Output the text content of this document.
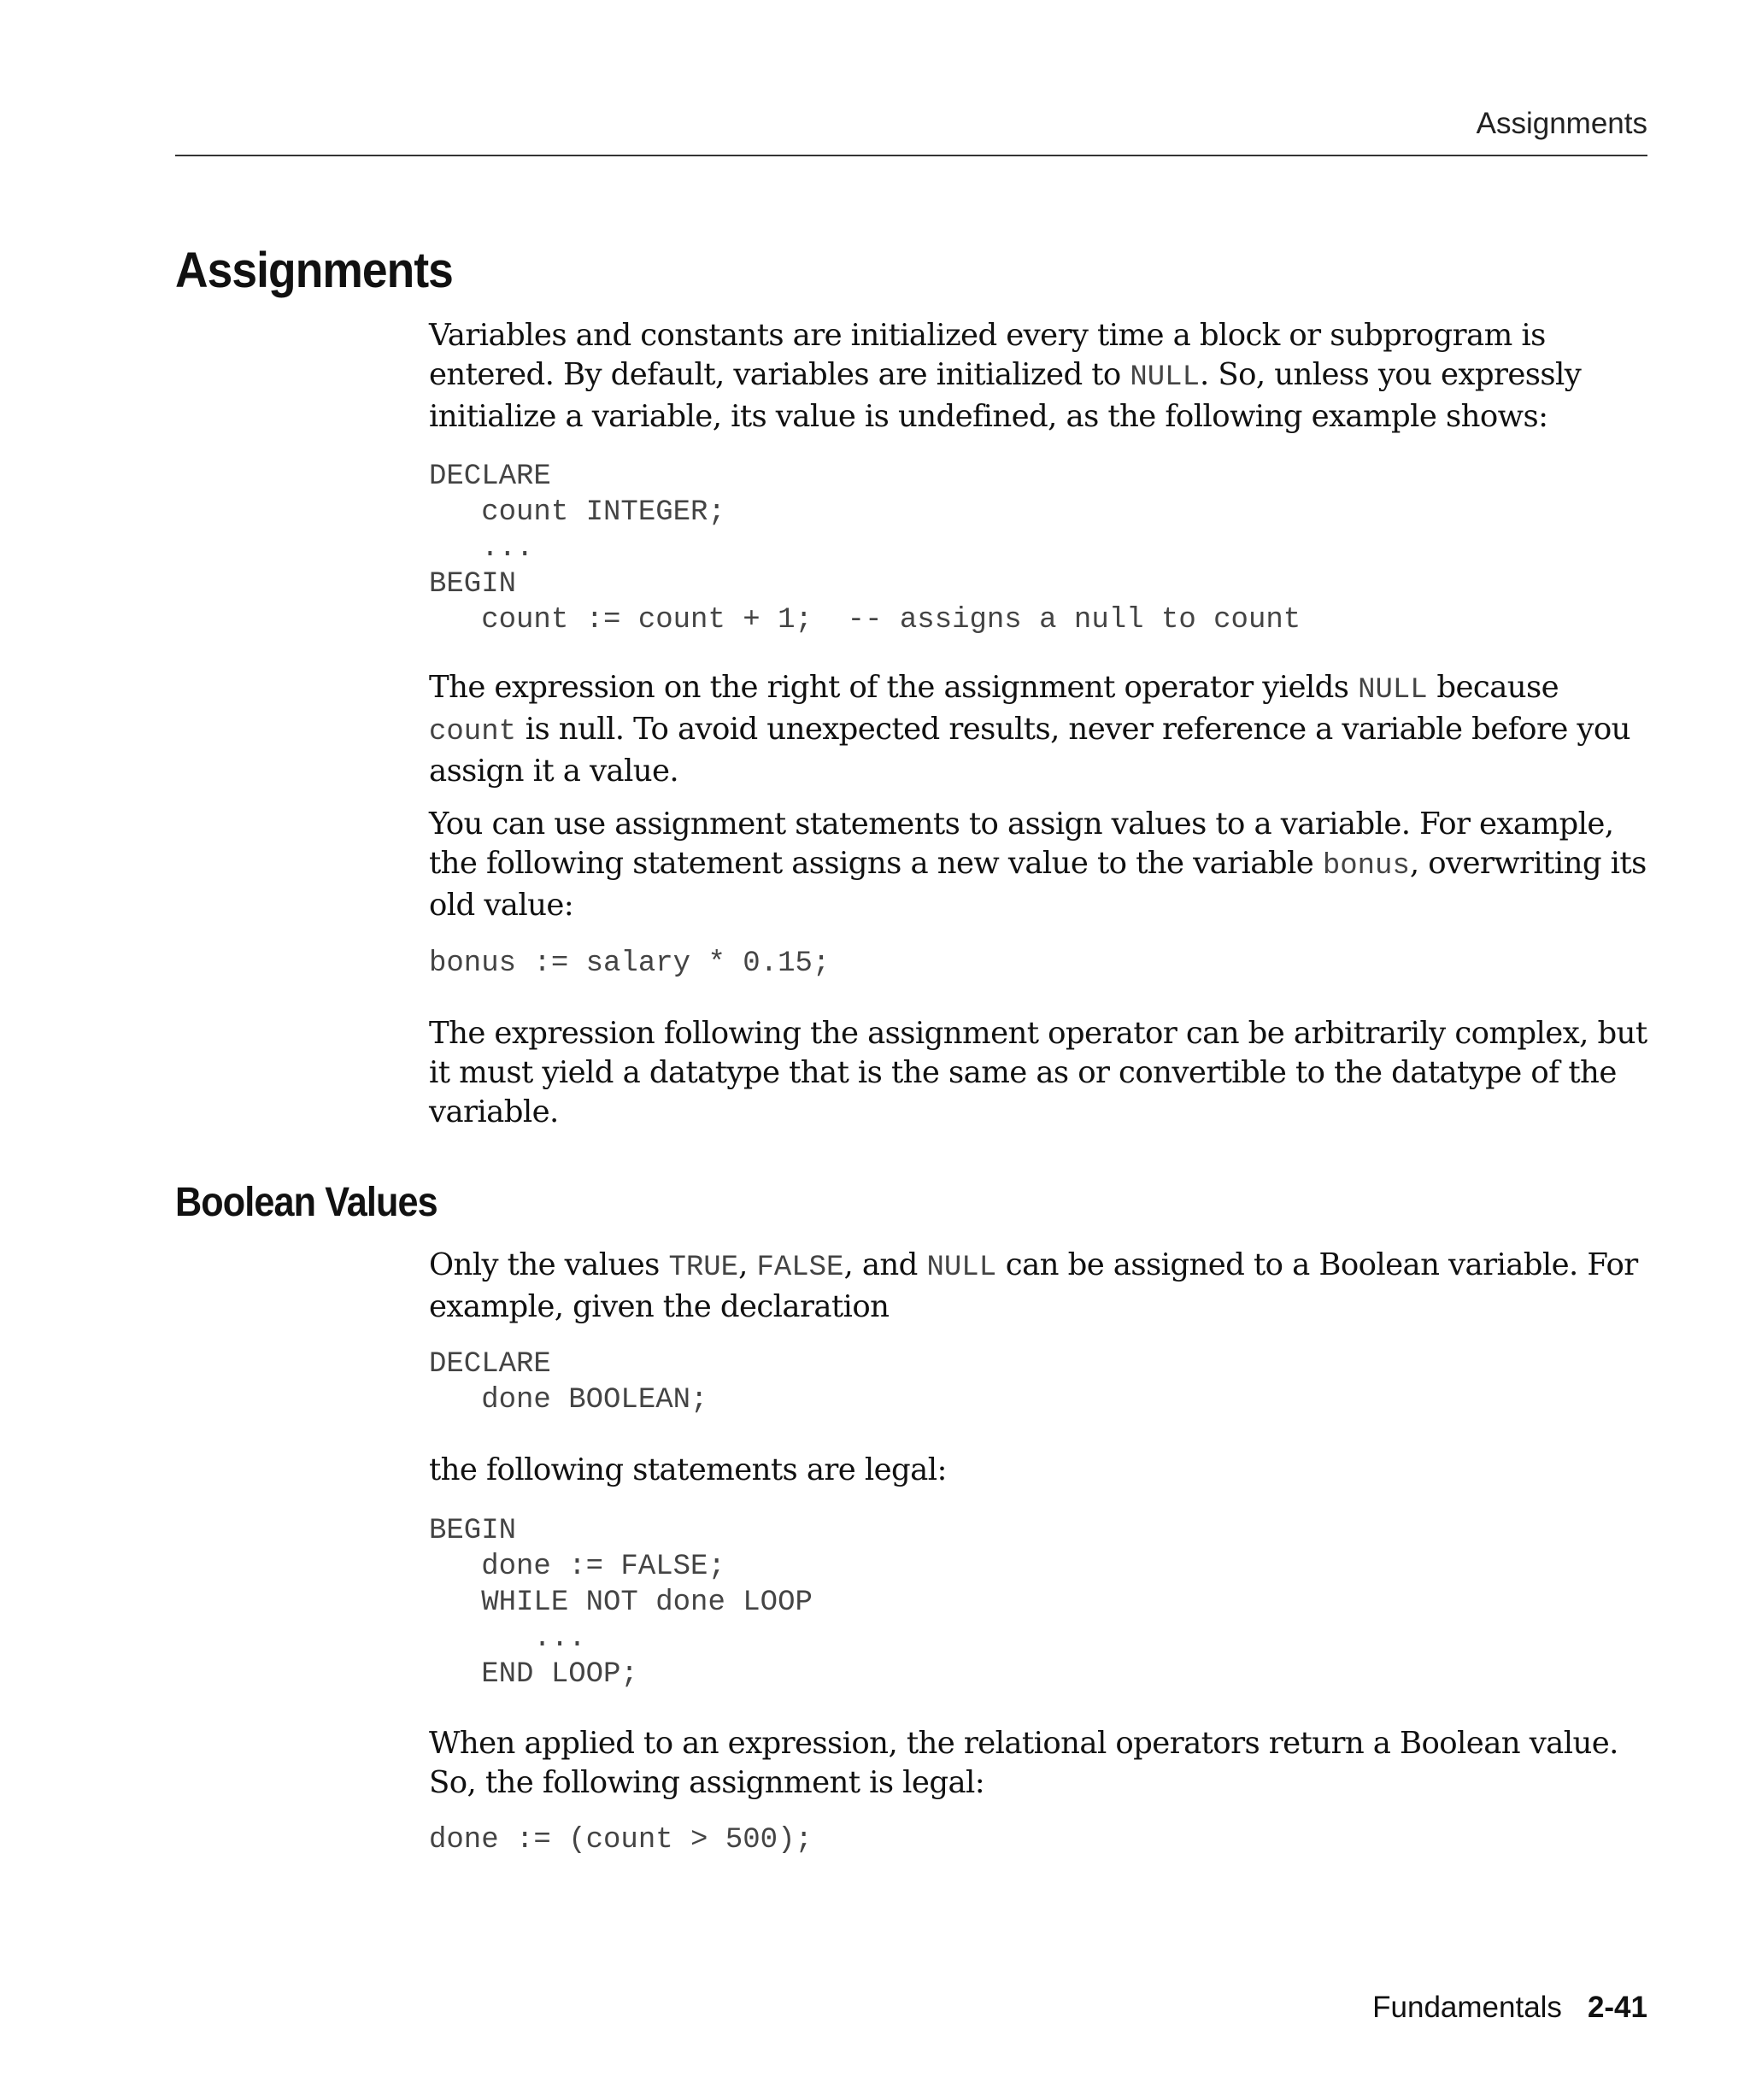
Assignments
Assignments

Variables and constants are initialized every time a block or subprogram is entered. By default, variables are initialized to NULL. So, unless you expressly initialize a variable, its value is undefined, as the following example shows:

DECLARE
count INTEGER;
...
BEGIN
count := count + 1;  -- assigns a null to count

The expression on the right of the assignment operator yields NULL because count is null. To avoid unexpected results, never reference a variable before you assign it a value.

You can use assignment statements to assign values to a variable. For example, the following statement assigns a new value to the variable bonus, overwriting its old value:

bonus := salary * 0.15;

The expression following the assignment operator can be arbitrarily complex, but it must yield a datatype that is the same as or convertible to the datatype of the variable.

Boolean Values

Only the values TRUE, FALSE, and NULL can be assigned to a Boolean variable. For example, given the declaration

DECLARE
done BOOLEAN;

the following statements are legal:

BEGIN
done := FALSE;
WHILE NOT done LOOP
...
END LOOP;

When applied to an expression, the relational operators return a Boolean value. So, the following assignment is legal:

done := (count > 500);
Fundamentals 2-41
